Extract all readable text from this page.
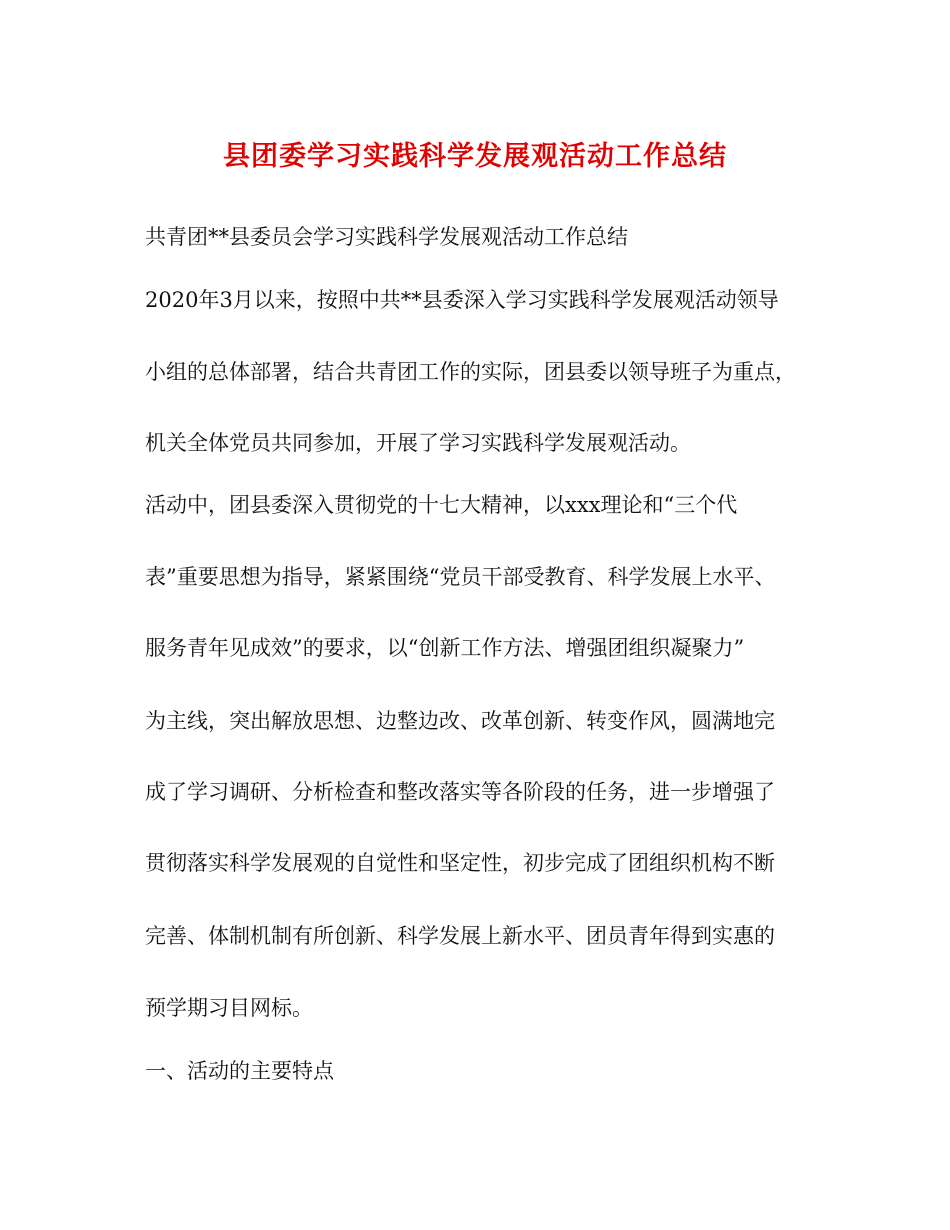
县团委学习实践科学发展观活动工作总结
共青团**县委员会学习实践科学发展观活动工作总结
2020年3月以来，按照中共**县委深入学习实践科学发展观活动领导
小组的总体部署，结合共青团工作的实际，团县委以领导班子为重点，
机关全体党员共同参加，开展了学习实践科学发展观活动。
活动中，团县委深入贯彻党的十七大精神，以xxx理论和“三个代
表”重要思想为指导，紧紧围绕“党员干部受教育、科学发展上水平、
服务青年见成效”的要求，以“创新工作方法、增强团组织凝聚力”
为主线，突出解放思想、边整边改、改革创新、转变作风，圆满地完
成了学习调研、分析检查和整改落实等各阶段的任务，进一步增强了
贯彻落实科学发展观的自觉性和坚定性，初步完成了团组织机构不断
完善、体制机制有所创新、科学发展上新水平、团员青年得到实惠的
预学期习目网标。
一、活动的主要特点
